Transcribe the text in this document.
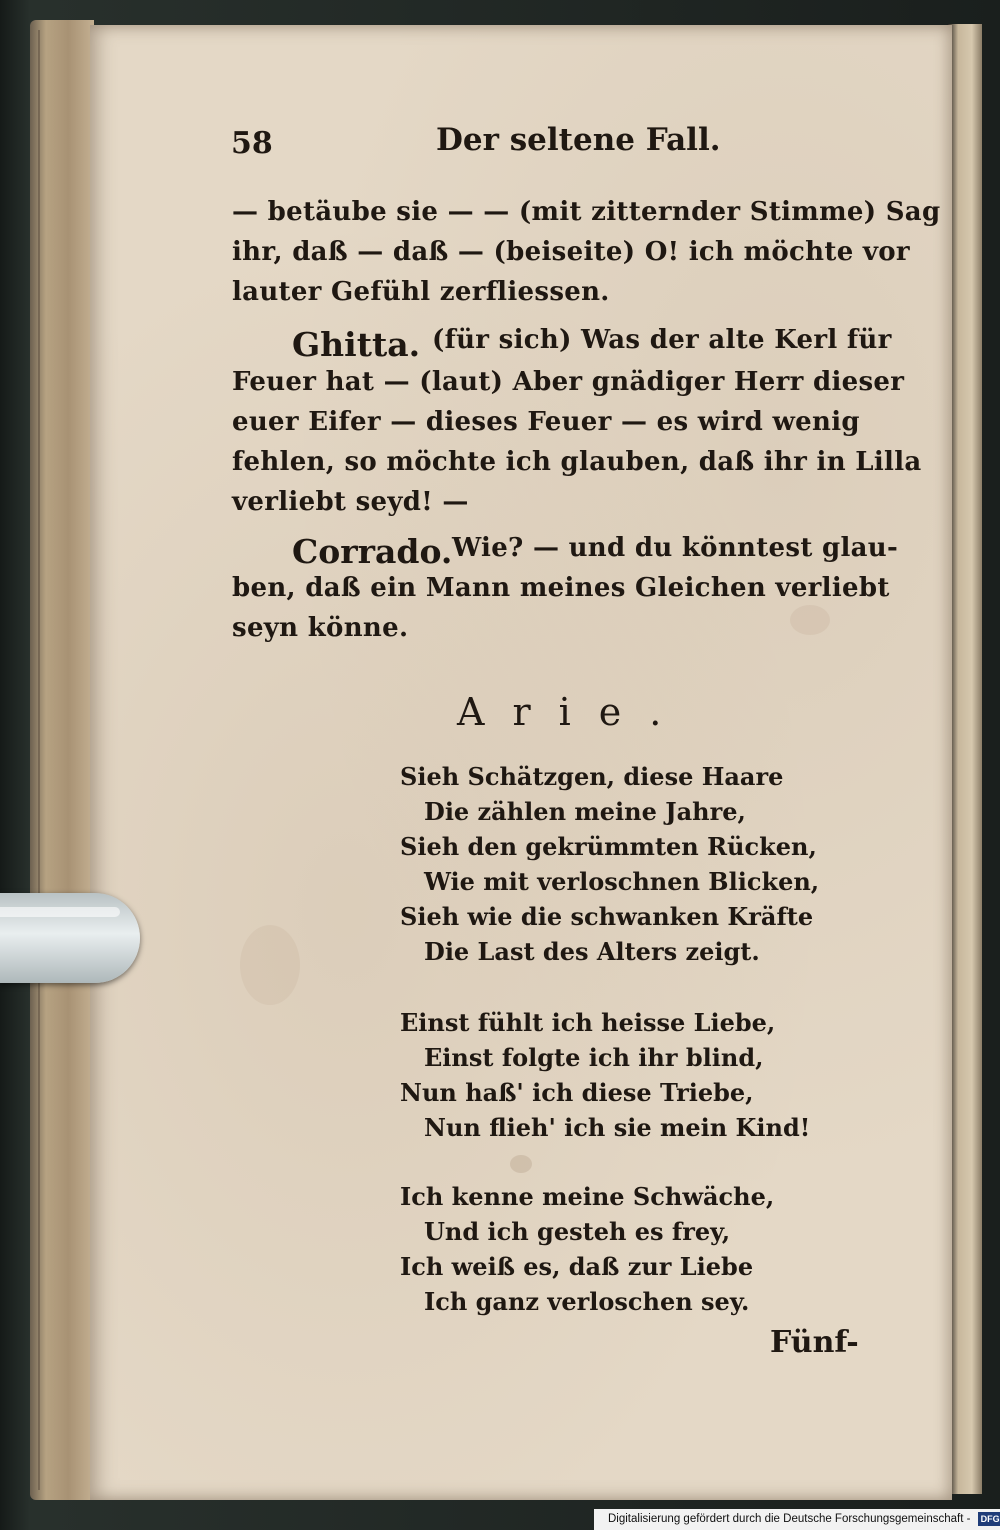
58	Der seltene Fall.
— betäube sie — — (mit zitternder Stimme) Sag
ihr, daß — daß — (beiseite) O! ich möchte vor
lauter Gefühl zerfliessen.
Ghitta. (für sich) Was der alte Kerl für
Feuer hat — (laut) Aber gnädiger Herr dieser
euer Eifer — dieses Feuer — es wird wenig
fehlen, so möchte ich glauben, daß ihr in Lilla
verliebt seyd! —
Corrado. Wie? — und du könntest glau-
ben, daß ein Mann meines Gleichen verliebt
seyn könne.
Arie.
Sieh Schätzgen, diese Haare
Die zählen meine Jahre,
Sieh den gekrümmten Rücken,
Wie mit verloschnen Blicken,
Sieh wie die schwanken Kräfte
Die Last des Alters zeigt.
Einst fühlt ich heisse Liebe,
Einst folgte ich ihr blind,
Nun haß' ich diese Triebe,
Nun flieh' ich sie mein Kind!
Ich kenne meine Schwäche,
Und ich gesteh es frey,
Ich weiß es, daß zur Liebe
Ich ganz verloschen sey.
Fünf-
Digitalisierung gefördert durch die Deutsche Forschungsgemeinschaft - DFG
